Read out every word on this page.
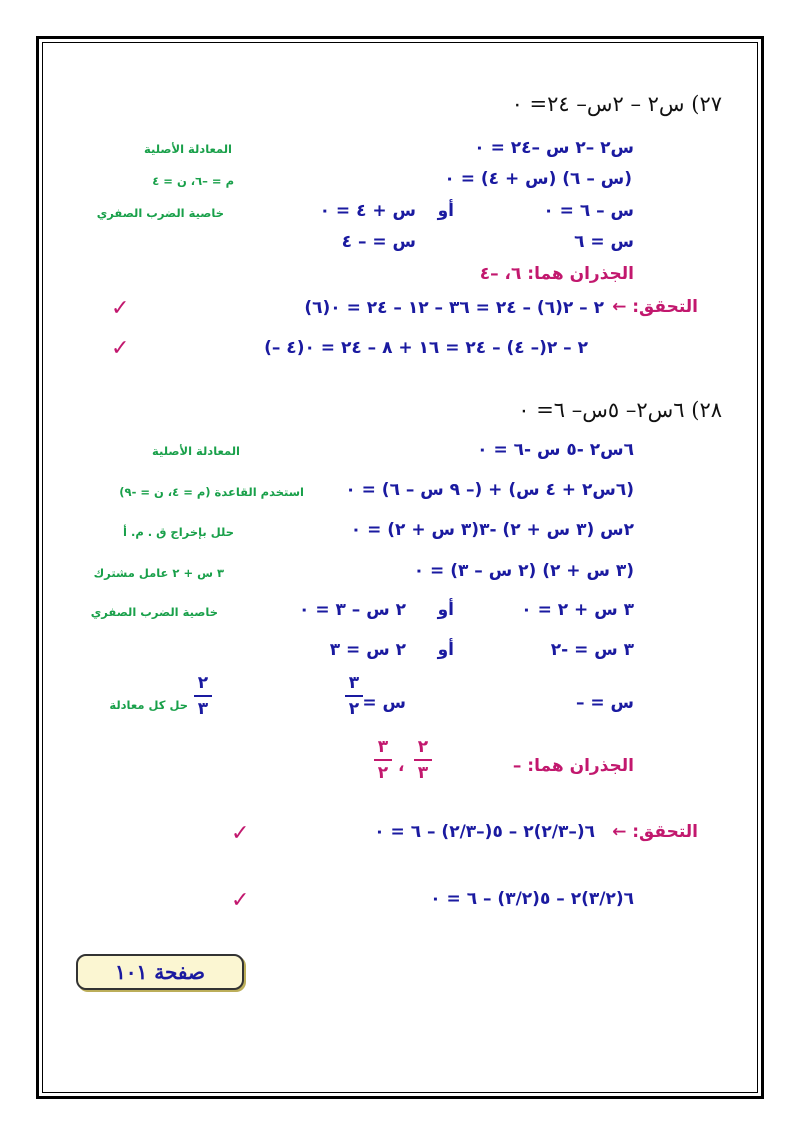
٢٧) س٢ – ٢س– ٢٤= ٠
س٢ –٢ س –٢٤ = ٠
المعادلة الأصلية
(س – ٦) (س + ٤) = ٠
م = –٦، ن = ٤
س – ٦ = ٠
أو
س + ٤ = ٠
خاصية الضرب الصفري
س = ٦
س = – ٤
الجذران هما: ٦، –٤
التحقق: ←
(٦)٢ – ٢(٦) – ٢٤ = ٣٦ – ١٢ – ٢٤ = ٠
✓
(– ٤)٢ – ٢(– ٤) – ٢٤ = ١٦ + ٨ – ٢٤ = ٠
✓
٢٨) ٦س٢– ٥س– ٦= ٠
٦س٢ -٥ س -٦ = ٠
المعادلة الأصلية
(٦س٢ + ٤ س) + (– ٩ س – ٦) = ٠
استخدم القاعدة (م = ٤، ن = -٩)
٢س (٣ س + ٢) -٣(٣ س + ٢) = ٠
حلل بإخراج ق . م. أ
(٣ س + ٢) (٢ س – ٣) = ٠
٣ س + ٢ عامل مشترك
٣ س + ٢ = ٠
أو
٢ س – ٣ = ٠
خاصية الضرب الصفري
٣ س = -٢
أو
٢ س = ٣
س = –
٢
٣	س =
٣
٢
حل كل معادلة
الجذران هما: –
٢
٣
،
٣
٢
التحقق: ←
٦(–٢/٣)٢ – ٥(–٢/٣) – ٦ = ٠
✓
٦(٣/٢)٢ – ٥(٣/٢) – ٦ = ٠
✓
صفحة ١٠١
